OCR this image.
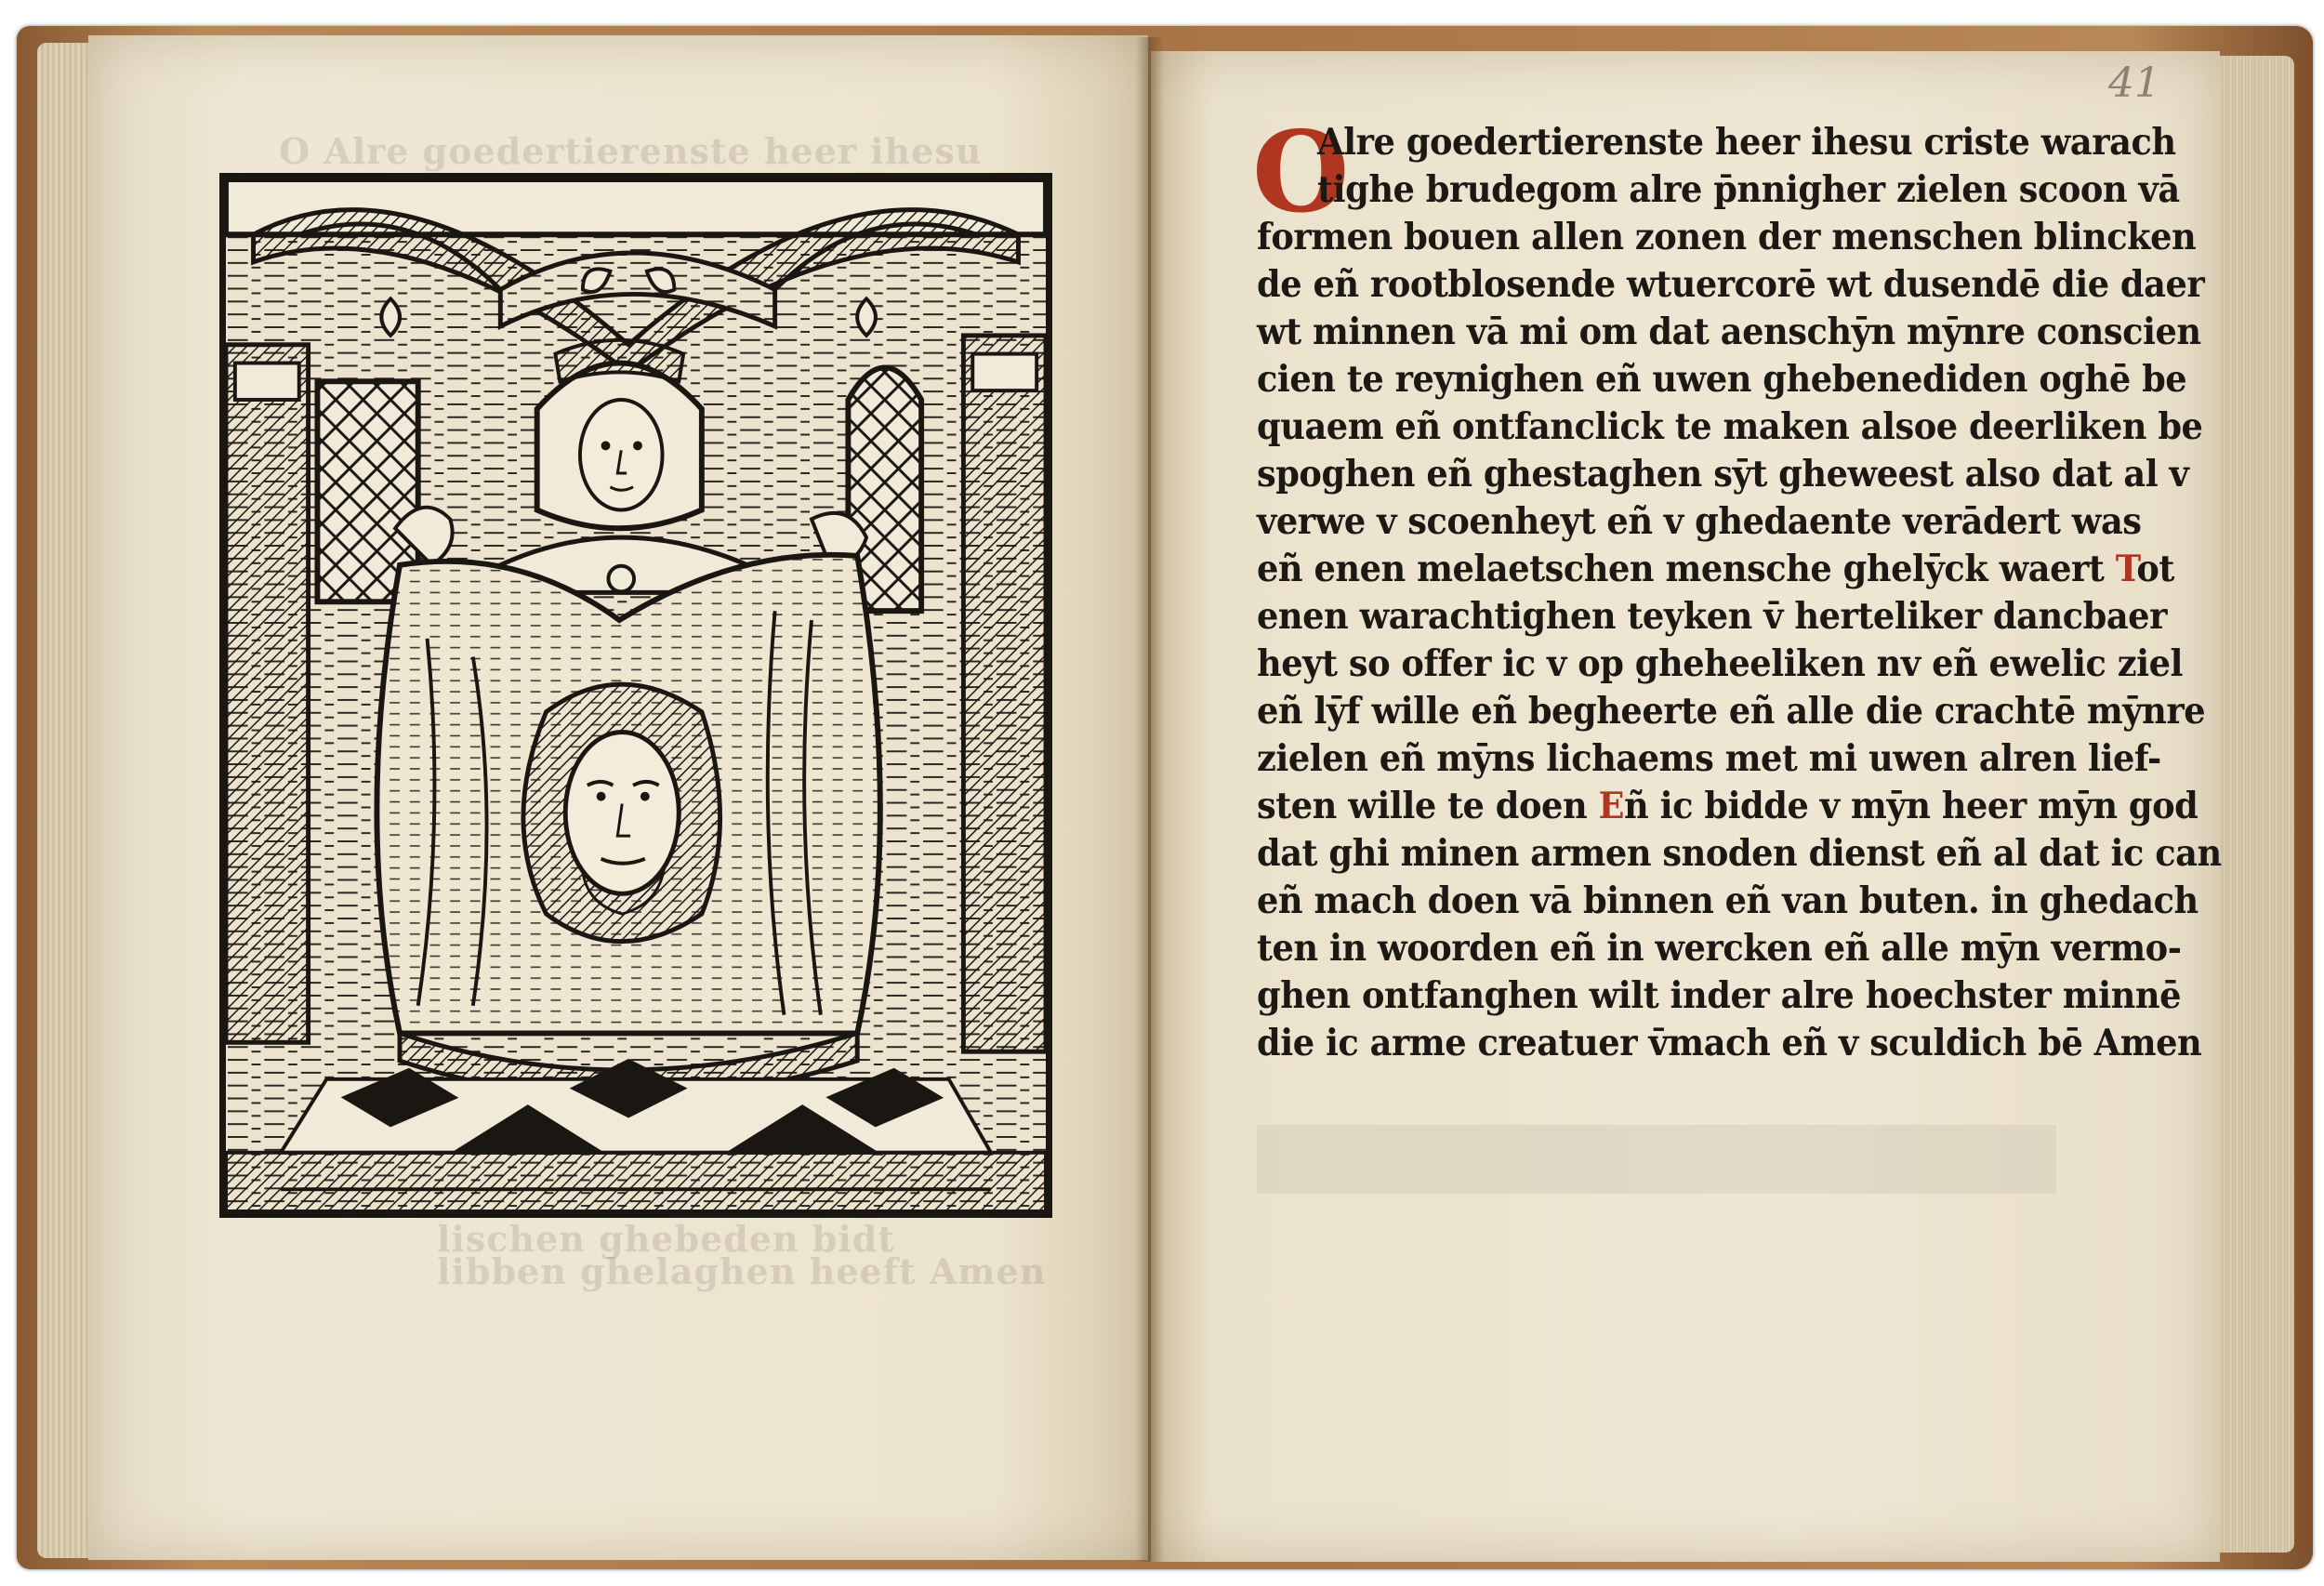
O Alre goedertierenste heer ihesu
lischen ghebeden bidt
libben ghelaghen heeft Amen
41
O
Alre goedertierenste heer ihesu criste warach
tighe brudegom alre p̄nnigher zielen scoon vā
formen bouen allen zonen der menschen blincken
de eñ rootblosende wtuercorē wt dusendē die daer
wt minnen vā mi om dat aenschȳn mȳnre conscien
cien te reynighen eñ uwen ghebenediden oghē be
quaem eñ ontfanclick te maken alsoe deerliken be
spoghen eñ ghestaghen sȳt gheweest also dat al v
verwe v scoenheyt eñ v ghedaente verādert was
eñ enen melaetschen mensche ghelȳck waert Tot
enen warachtighen teyken v̄ herteliker dancbaer
heyt so offer ic v op gheheeliken nv eñ ewelic ziel
eñ lȳf wille eñ begheerte eñ alle die crachtē mȳnre
zielen eñ mȳns lichaems met mi uwen alren lief-
sten wille te doen Eñ ic bidde v mȳn heer mȳn god
dat ghi minen armen snoden dienst eñ al dat ic can
eñ mach doen vā binnen eñ van buten. in ghedach
ten in woorden eñ in wercken eñ alle mȳn vermo-
ghen ontfanghen wilt inder alre hoechster minnē
die ic arme creatuer v̄mach eñ v sculdich bē Amen
